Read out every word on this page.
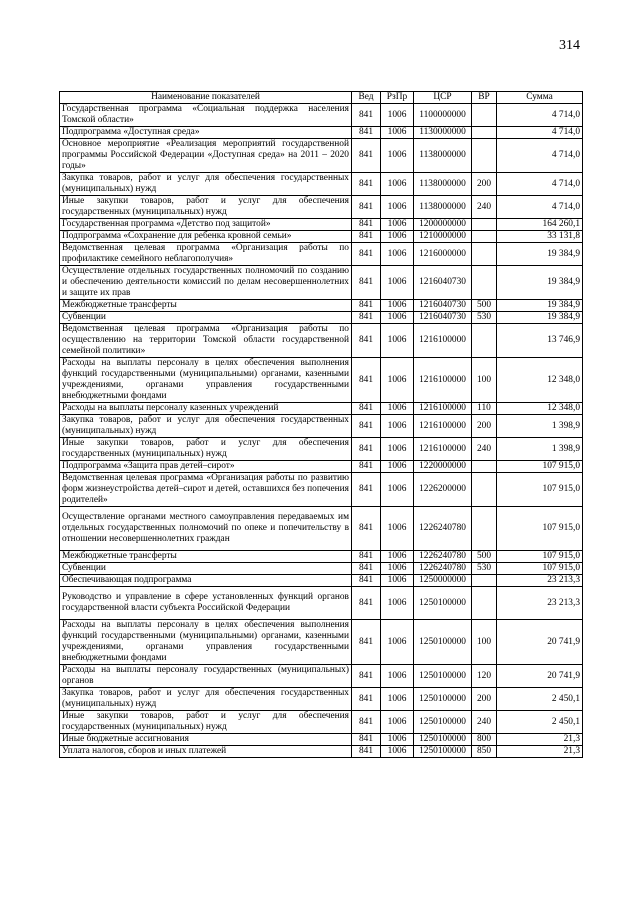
314
Наименование показателей	Вед	РзПр	ЦСР	ВР	Сумма
Государственная программа «Социальная поддержка населения Томской области»	841	1006	1100000000		4 714,0
Подпрограмма «Доступная среда»	841	1006	1130000000		4 714,0
Основное мероприятие «Реализация мероприятий государственной программы Российской Федерации «Доступная среда» на 2011 – 2020 годы»	841	1006	1138000000		4 714,0
Закупка товаров, работ и услуг для обеспечения государственных (муниципальных) нужд	841	1006	1138000000	200	4 714,0
Иные закупки товаров, работ и услуг для обеспечения государственных (муниципальных) нужд	841	1006	1138000000	240	4 714,0
Государственная программа «Детство под защитой»	841	1006	1200000000		164 260,1
Подпрограмма «Сохранение для ребенка кровной семьи»	841	1006	1210000000		33 131,8
Ведомственная целевая программа «Организация работы по профилактике семейного неблагополучия»	841	1006	1216000000		19 384,9
Осуществление отдельных государственных полномочий по созданию и обеспечению деятельности комиссий по делам несовершеннолетних и защите их прав	841	1006	1216040730		19 384,9
Межбюджетные трансферты	841	1006	1216040730	500	19 384,9
Субвенции	841	1006	1216040730	530	19 384,9
Ведомственная целевая программа «Организация работы по осуществлению на территории Томской области государственной семейной политики»	841	1006	1216100000		13 746,9
Расходы на выплаты персоналу в целях обеспечения выполнения функций государственными (муниципальными) органами, казенными учреждениями, органами управления государственными внебюджетными фондами	841	1006	1216100000	100	12 348,0
Расходы на выплаты персоналу казенных учреждений	841	1006	1216100000	110	12 348,0
Закупка товаров, работ и услуг для обеспечения государственных (муниципальных) нужд	841	1006	1216100000	200	1 398,9
Иные закупки товаров, работ и услуг для обеспечения государственных (муниципальных) нужд	841	1006	1216100000	240	1 398,9
Подпрограмма «Защита прав детей–сирот»	841	1006	1220000000		107 915,0
Ведомственная целевая программа «Организация работы по развитию форм жизнеустройства детей–сирот и детей, оставшихся без попечения родителей»	841	1006	1226200000		107 915,0
Осуществление органами местного самоуправления передаваемых им отдельных государственных полномочий по опеке и попечительству в отношении несовершеннолетних граждан	841	1006	1226240780		107 915,0
Межбюджетные трансферты	841	1006	1226240780	500	107 915,0
Субвенции	841	1006	1226240780	530	107 915,0
Обеспечивающая подпрограмма	841	1006	1250000000		23 213,3
Руководство и управление в сфере установленных функций органов государственной власти субъекта Российской Федерации	841	1006	1250100000		23 213,3
Расходы на выплаты персоналу в целях обеспечения выполнения функций государственными (муниципальными) органами, казенными учреждениями, органами управления государственными внебюджетными фондами	841	1006	1250100000	100	20 741,9
Расходы на выплаты персоналу государственных (муниципальных) органов	841	1006	1250100000	120	20 741,9
Закупка товаров, работ и услуг для обеспечения государственных (муниципальных) нужд	841	1006	1250100000	200	2 450,1
Иные закупки товаров, работ и услуг для обеспечения государственных (муниципальных) нужд	841	1006	1250100000	240	2 450,1
Иные бюджетные ассигнования	841	1006	1250100000	800	21,3
Уплата налогов, сборов и иных платежей	841	1006	1250100000	850	21,3
